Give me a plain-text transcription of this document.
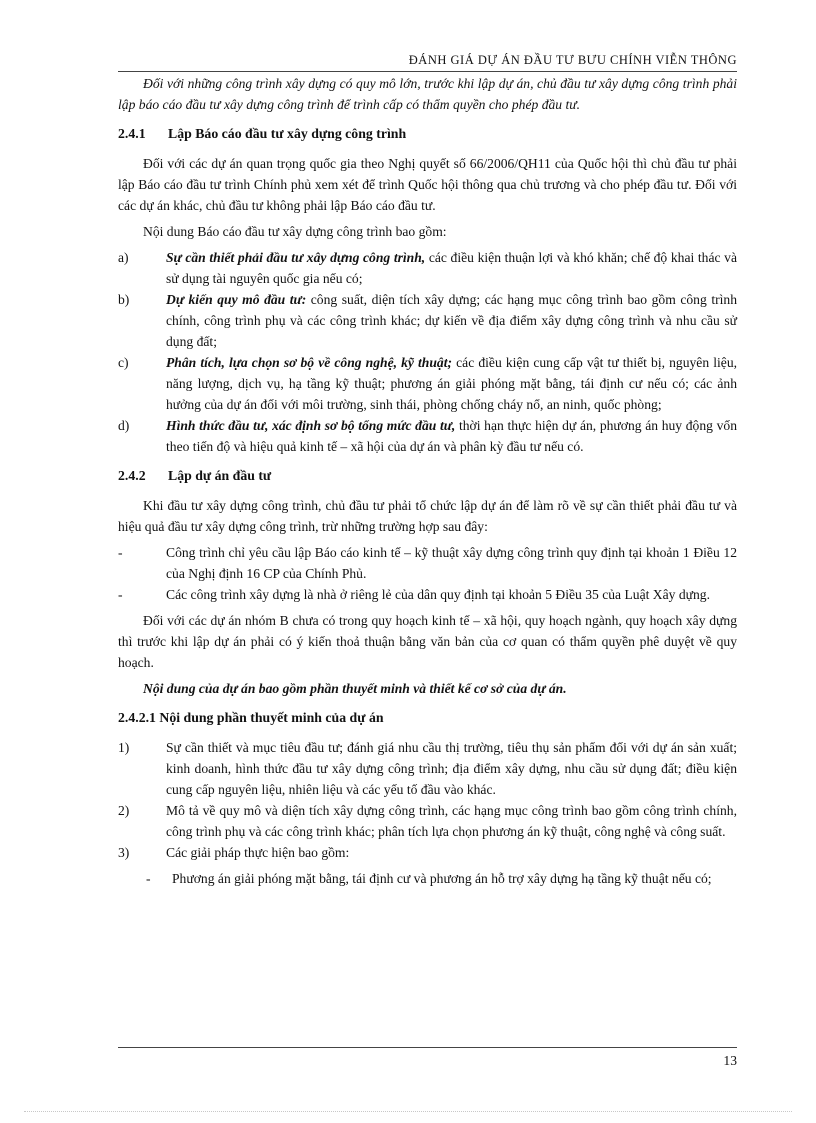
ĐÁNH GIÁ DỰ ÁN ĐẦU TƯ BƯU CHÍNH VIỄN THÔNG

Đối với những công trình xây dựng có quy mô lớn, trước khi lập dự án, chủ đầu tư xây dựng công trình phải lập báo cáo đầu tư xây dựng công trình để trình cấp có thẩm quyền cho phép đầu tư.

2.4.1 Lập Báo cáo đầu tư xây dựng công trình

Đối với các dự án quan trọng quốc gia theo Nghị quyết số 66/2006/QH11 của Quốc hội thì chủ đầu tư phải lập Báo cáo đầu tư trình Chính phủ xem xét để trình Quốc hội thông qua chủ trương và cho phép đầu tư. Đối với các dự án khác, chủ đầu tư không phải lập Báo cáo đầu tư.

Nội dung Báo cáo đầu tư xây dựng công trình bao gồm:

a)	Sự cần thiết phải đầu tư xây dựng công trình, các điều kiện thuận lợi và khó khăn; chế độ khai thác và sử dụng tài nguyên quốc gia nếu có;
b)	Dự kiến quy mô đầu tư: công suất, diện tích xây dựng; các hạng mục công trình bao gồm công trình chính, công trình phụ và các công trình khác; dự kiến về địa điểm xây dựng công trình và nhu cầu sử dụng đất;
c)	Phân tích, lựa chọn sơ bộ về công nghệ, kỹ thuật; các điều kiện cung cấp vật tư thiết bị, nguyên liệu, năng lượng, dịch vụ, hạ tầng kỹ thuật; phương án giải phóng mặt bằng, tái định cư nếu có; các ảnh hưởng của dự án đối với môi trường, sinh thái, phòng chống cháy nổ, an ninh, quốc phòng;
d)	Hình thức đầu tư, xác định sơ bộ tổng mức đầu tư, thời hạn thực hiện dự án, phương án huy động vốn theo tiến độ và hiệu quả kinh tế – xã hội của dự án và phân kỳ đầu tư nếu có.
2.4.2 Lập dự án đầu tư

Khi đầu tư xây dựng công trình, chủ đầu tư phải tổ chức lập dự án để làm rõ về sự cần thiết phải đầu tư và hiệu quả đầu tư xây dựng công trình, trừ những trường hợp sau đây:

-	Công trình chỉ yêu cầu lập Báo cáo kinh tế – kỹ thuật xây dựng công trình quy định tại khoản 1 Điều 12 của Nghị định 16 CP của Chính Phủ.
-	Các công trình xây dựng là nhà ở riêng lẻ của dân quy định tại khoản 5 Điều 35 của Luật Xây dựng.

Đối với các dự án nhóm B chưa có trong quy hoạch kinh tế – xã hội, quy hoạch ngành, quy hoạch xây dựng thì trước khi lập dự án phải có ý kiến thoả thuận bằng văn bản của cơ quan có thẩm quyền phê duyệt về quy hoạch.

Nội dung của dự án bao gồm phần thuyết minh và thiết kế cơ sở của dự án.

2.4.2.1 Nội dung phần thuyết minh của dự án
1)	Sự cần thiết và mục tiêu đầu tư; đánh giá nhu cầu thị trường, tiêu thụ sản phẩm đối với dự án sản xuất; kinh doanh, hình thức đầu tư xây dựng công trình; địa điểm xây dựng, nhu cầu sử dụng đất; điều kiện cung cấp nguyên liệu, nhiên liệu và các yếu tố đầu vào khác.
2)	Mô tả về quy mô và diện tích xây dựng công trình, các hạng mục công trình bao gồm công trình chính, công trình phụ và các công trình khác; phân tích lựa chọn phương án kỹ thuật, công nghệ và công suất.
3)	Các giải pháp thực hiện bao gồm:
-	Phương án giải phóng mặt bằng, tái định cư và phương án hỗ trợ xây dựng hạ tầng kỹ thuật nếu có;
13
